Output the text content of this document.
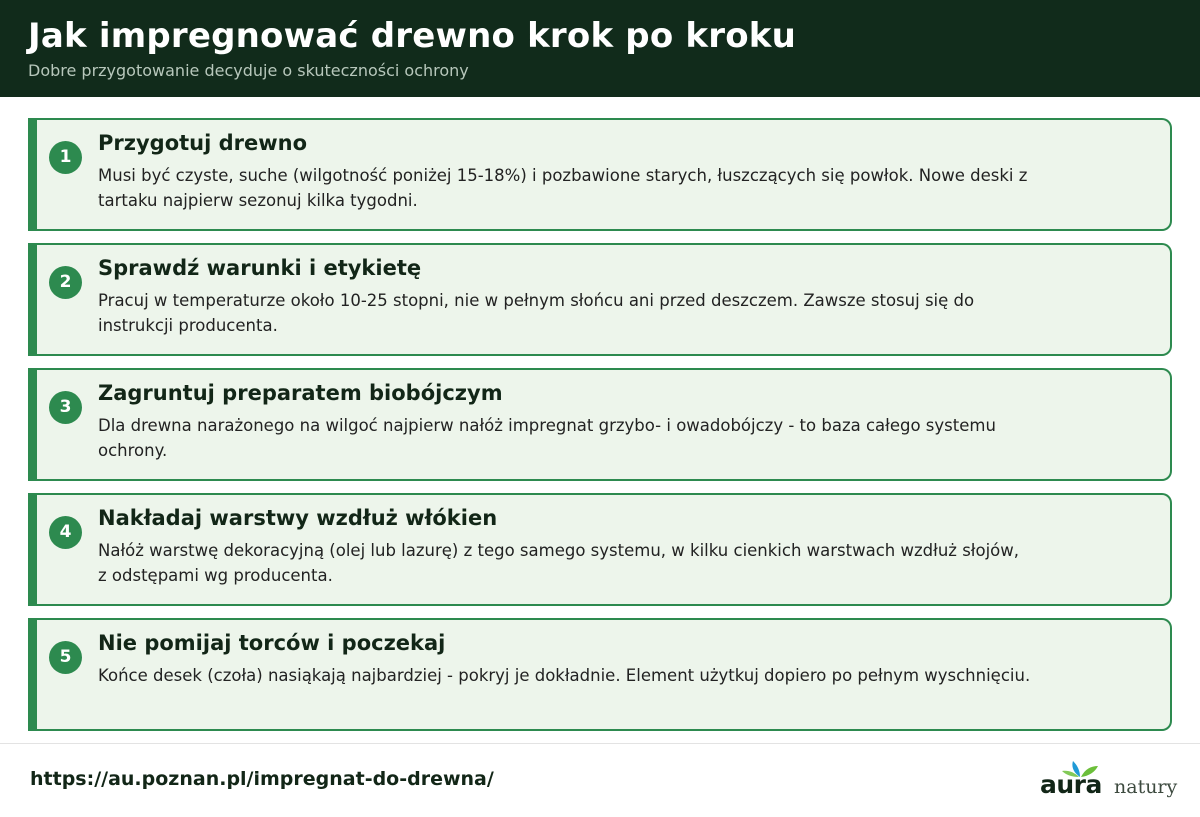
Jak impregnować drewno krok po kroku
Dobre przygotowanie decyduje o skuteczności ochrony
1
Przygotuj drewno
Musi być czyste, suche (wilgotność poniżej 15-18%) i pozbawione starych, łuszczących się powłok. Nowe deski z
tartaku najpierw sezonuj kilka tygodni.
2
Sprawdź warunki i etykietę
Pracuj w temperaturze około 10-25 stopni, nie w pełnym słońcu ani przed deszczem. Zawsze stosuj się do
instrukcji producenta.
3
Zagruntuj preparatem biobójczym
Dla drewna narażonego na wilgoć najpierw nałóż impregnat grzybo- i owadobójczy - to baza całego systemu
ochrony.
4
Nakładaj warstwy wzdłuż włókien
Nałóż warstwę dekoracyjną (olej lub lazurę) z tego samego systemu, w kilku cienkich warstwach wzdłuż słojów,
z odstępami wg producenta.
5
Nie pomijaj torców i poczekaj
Końce desek (czoła) nasiąkają najbardziej - pokryj je dokładnie. Element użytkuj dopiero po pełnym wyschnięciu.
https://au.poznan.pl/impregnat-do-drewna/	aura natury
